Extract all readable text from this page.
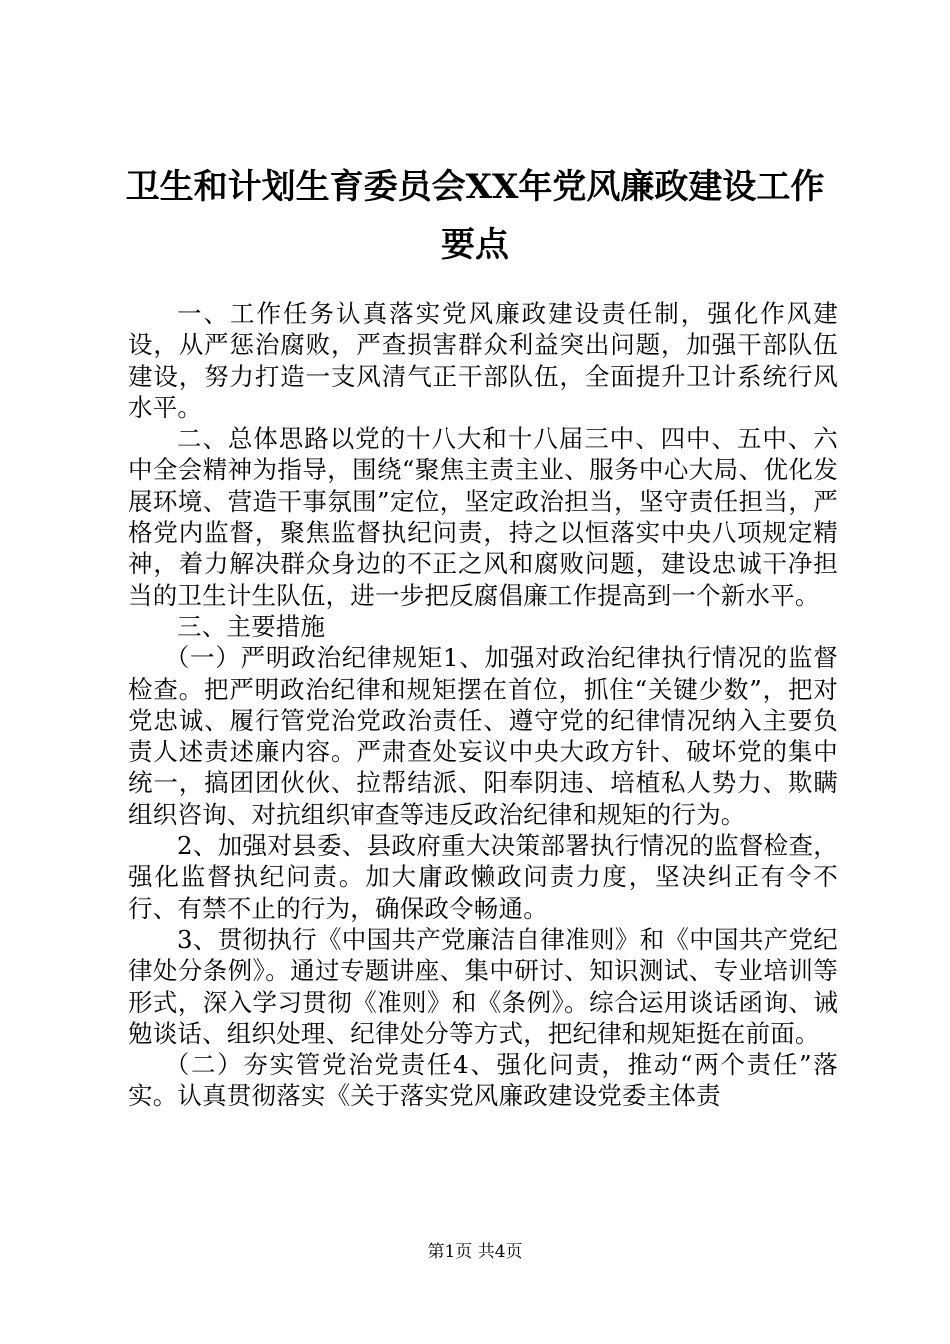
卫生和计划生育委员会XX年党风廉政建设工作要点

一、工作任务认真落实党风廉政建设责任制，强化作风建设，从严惩治腐败，严查损害群众利益突出问题，加强干部队伍建设，努力打造一支风清气正干部队伍，全面提升卫计系统行风水平。

二、总体思路以党的十八大和十八届三中、四中、五中、六中全会精神为指导，围绕“聚焦主责主业、服务中心大局、优化发展环境、营造干事氛围”定位，坚定政治担当，坚守责任担当，严格党内监督，聚焦监督执纪问责，持之以恒落实中央八项规定精神，着力解决群众身边的不正之风和腐败问题，建设忠诚干净担当的卫生计生队伍，进一步把反腐倡廉工作提高到一个新水平。

三、主要措施

（一）严明政治纪律规矩1、加强对政治纪律执行情况的监督检查。把严明政治纪律和规矩摆在首位，抓住“关键少数”，把对党忠诚、履行管党治党政治责任、遵守党的纪律情况纳入主要负责人述责述廉内容。严肃查处妄议中央大政方针、破坏党的集中统一，搞团团伙伙、拉帮结派、阳奉阴违、培植私人势力、欺瞒组织咨询、对抗组织审查等违反政治纪律和规矩的行为。

2、加强对县委、县政府重大决策部署执行情况的监督检查，强化监督执纪问责。加大庸政懒政问责力度，坚决纠正有令不行、有禁不止的行为，确保政令畅通。

3、贯彻执行《中国共产党廉洁自律准则》和《中国共产党纪律处分条例》。通过专题讲座、集中研讨、知识测试、专业培训等形式，深入学习贯彻《准则》和《条例》。综合运用谈话函询、诫勉谈话、组织处理、纪律处分等方式，把纪律和规矩挺在前面。

（二）夯实管党治党责任4、强化问责，推动“两个责任”落实。认真贯彻落实《关于落实党风廉政建设党委主体责

第1页 共4页
